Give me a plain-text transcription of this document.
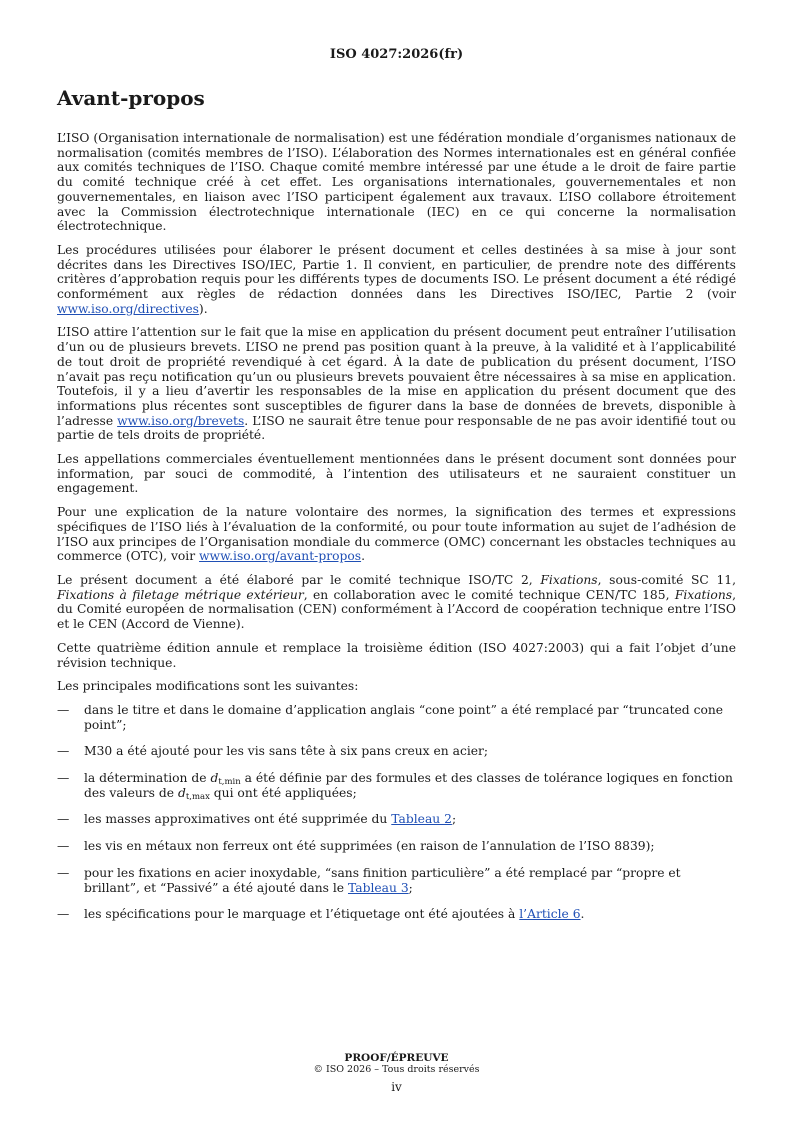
ISO 4027:2026(fr)
Avant-propos

L’ISO (Organisation internationale de normalisation) est une fédération mondiale d’organismes nationaux de normalisation (comités membres de l’ISO). L’élaboration des Normes internationales est en général confiée aux comités techniques de l’ISO. Chaque comité membre intéressé par une étude a le droit de faire partie du comité technique créé à cet effet. Les organisations internationales, gouvernementales et non gouvernementales, en liaison avec l’ISO participent également aux travaux. L’ISO collabore étroitement avec la Commission électrotechnique internationale (IEC) en ce qui concerne la normalisation électrotechnique.

Les procédures utilisées pour élaborer le présent document et celles destinées à sa mise à jour sont décrites dans les Directives ISO/IEC, Partie 1. Il convient, en particulier, de prendre note des différents critères d’approbation requis pour les différents types de documents ISO. Le présent document a été rédigé conformément aux règles de rédaction données dans les Directives ISO/IEC, Partie 2 (voir www.iso.org/directives).

L’ISO attire l’attention sur le fait que la mise en application du présent document peut entraîner l’utilisation d’un ou de plusieurs brevets. L’ISO ne prend pas position quant à la preuve, à la validité et à l’applicabilité de tout droit de propriété revendiqué à cet égard. À la date de publication du présent document, l’ISO n’avait pas reçu notification qu’un ou plusieurs brevets pouvaient être nécessaires à sa mise en application. Toutefois, il y a lieu d’avertir les responsables de la mise en application du présent document que des informations plus récentes sont susceptibles de figurer dans la base de données de brevets, disponible à l’adresse www.iso.org/brevets. L’ISO ne saurait être tenue pour responsable de ne pas avoir identifié tout ou partie de tels droits de propriété.

Les appellations commerciales éventuellement mentionnées dans le présent document sont données pour information, par souci de commodité, à l’intention des utilisateurs et ne sauraient constituer un engagement.

Pour une explication de la nature volontaire des normes, la signification des termes et expressions spécifiques de l’ISO liés à l’évaluation de la conformité, ou pour toute information au sujet de l’adhésion de l’ISO aux principes de l’Organisation mondiale du commerce (OMC) concernant les obstacles techniques au commerce (OTC), voir www.iso.org/avant-propos.

Le présent document a été élaboré par le comité technique ISO/TC 2, Fixations, sous-comité SC 11, Fixations à filetage métrique extérieur, en collaboration avec le comité technique CEN/TC 185, Fixations, du Comité européen de normalisation (CEN) conformément à l’Accord de coopération technique entre l’ISO et le CEN (Accord de Vienne).

Cette quatrième édition annule et remplace la troisième édition (ISO 4027:2003) qui a fait l’objet d’une révision technique.

Les principales modifications sont les suivantes:

— dans le titre et dans le domaine d’application anglais “cone point” a été remplacé par “truncated cone point”;
— M30 a été ajouté pour les vis sans tête à six pans creux en acier;
— la détermination de $d_{t,min}$ a été définie par des formules et des classes de tolérance logiques en fonction des valeurs de $d_{t,max}$ qui ont été appliquées;
— les masses approximatives ont été supprimée du Tableau 2;
— les vis en métaux non ferreux ont été supprimées (en raison de l’annulation de l’ISO 8839);
— pour les fixations en acier inoxydable, “sans finition particulière” a été remplacé par “propre et brillant”, et “Passivé” a été ajouté dans le Tableau 3;
— les spécifications pour le marquage et l’étiquetage ont été ajoutées à l’Article 6.
PROOF/ÉPREUVE
© ISO 2026 – Tous droits réservés
iv
